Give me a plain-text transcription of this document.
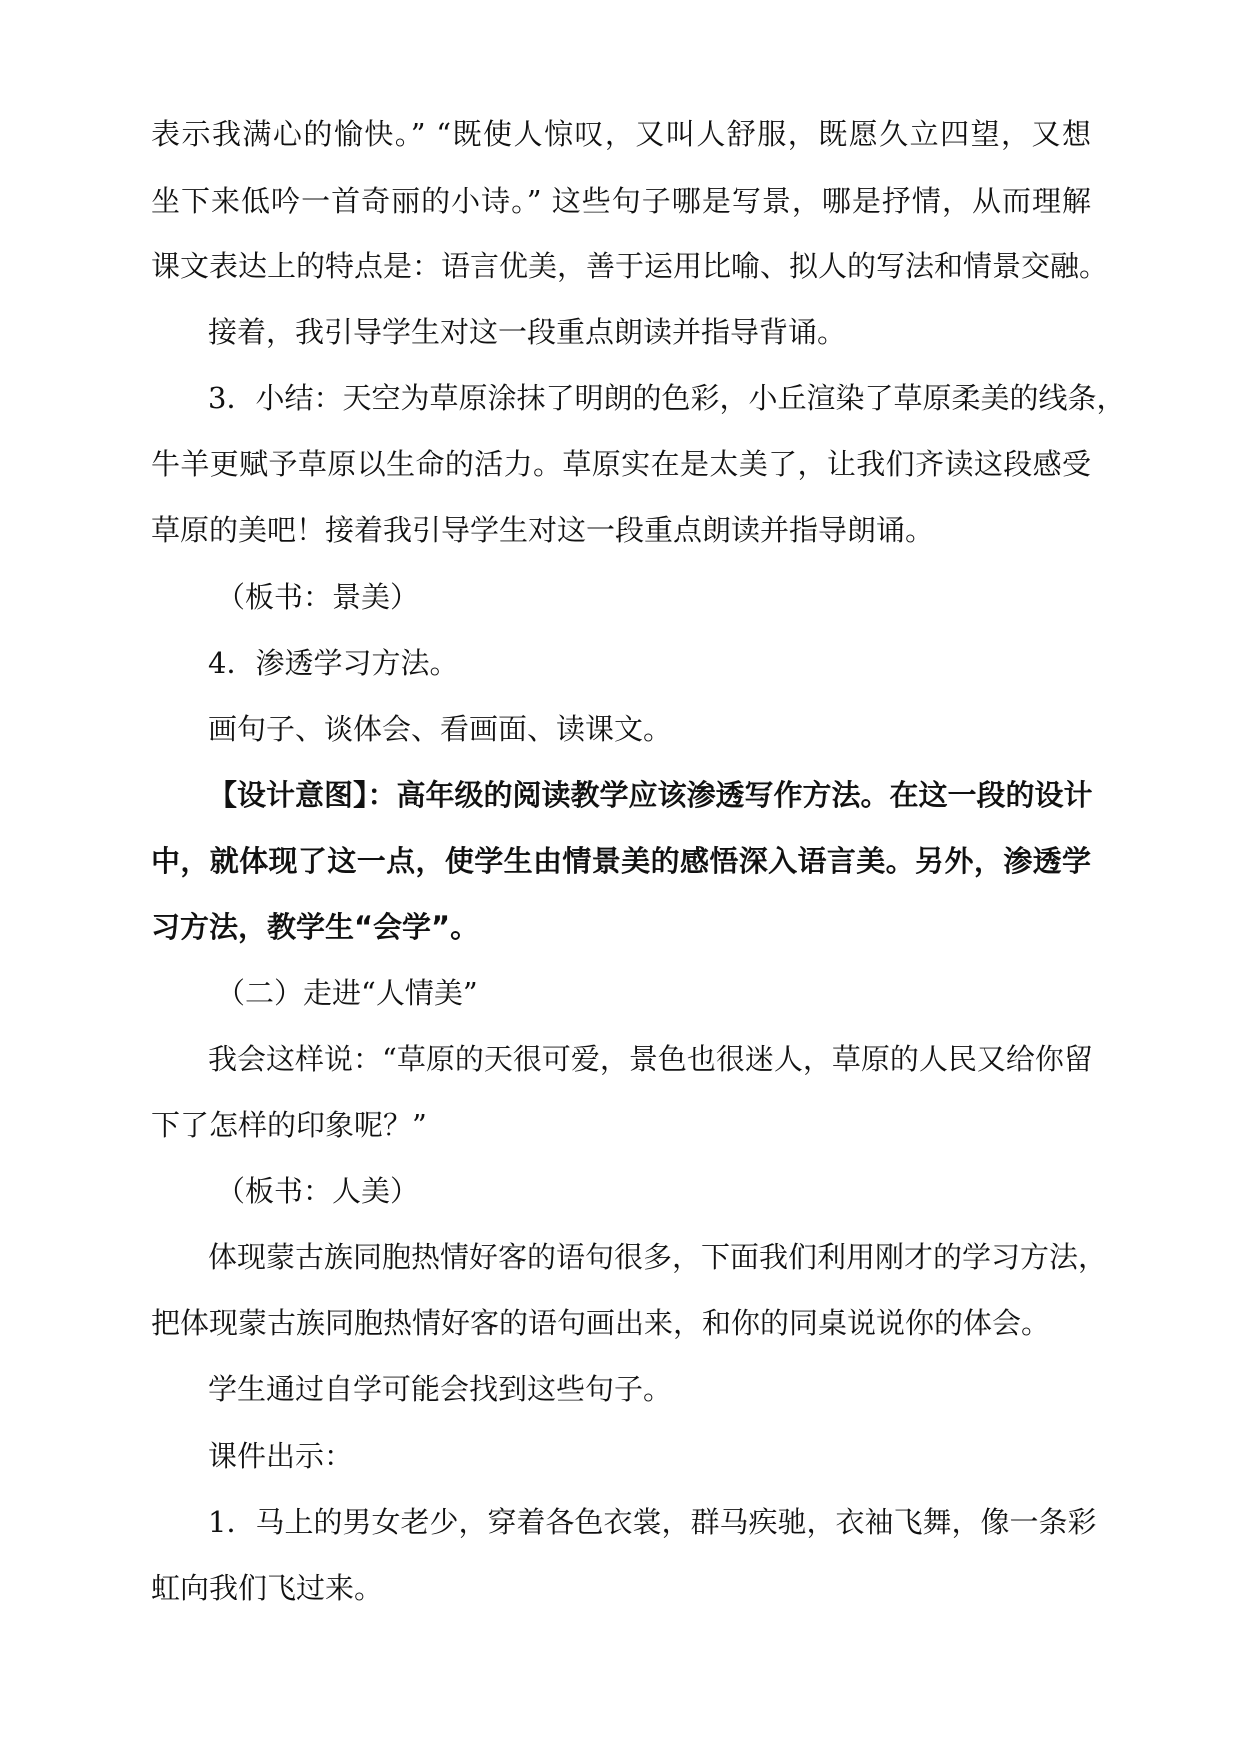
表示我满心的愉快。” “既使人惊叹，又叫人舒服，既愿久立四望，又想
坐下来低吟一首奇丽的小诗。” 这些句子哪是写景，哪是抒情，从而理解
课文表达上的特点是：语言优美，善于运用比喻、拟人的写法和情景交融。
接着，我引导学生对这一段重点朗读并指导背诵。
3．小结：天空为草原涂抹了明朗的色彩，小丘渲染了草原柔美的线条，
牛羊更赋予草原以生命的活力。草原实在是太美了，让我们齐读这段感受
草原的美吧！接着我引导学生对这一段重点朗读并指导朗诵。
（板书：景美）
4．渗透学习方法。
画句子、谈体会、看画面、读课文。
【设计意图】：高年级的阅读教学应该渗透写作方法。在这一段的设计
中，就体现了这一点，使学生由情景美的感悟深入语言美。另外，渗透学
习方法，教学生“会学”。
（二）走进“人情美”
我会这样说：“草原的天很可爱，景色也很迷人，草原的人民又给你留
下了怎样的印象呢？”
（板书：人美）
体现蒙古族同胞热情好客的语句很多，下面我们利用刚才的学习方法，
把体现蒙古族同胞热情好客的语句画出来，和你的同桌说说你的体会。
学生通过自学可能会找到这些句子。
课件出示：
1．马上的男女老少，穿着各色衣裳，群马疾驰，衣袖飞舞，像一条彩
虹向我们飞过来。
